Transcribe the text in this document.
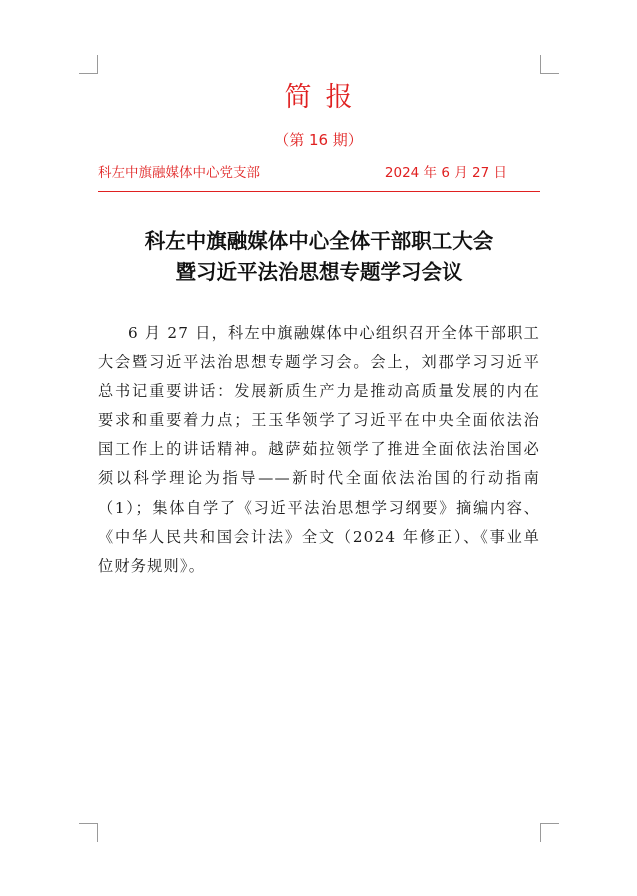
简报
（第 16 期）
科左中旗融媒体中心党支部	2024 年 6 月 27 日
科左中旗融媒体中心全体干部职工大会
暨习近平法治思想专题学习会议

6 月 27 日，科左中旗融媒体中心组织召开全体干部职工大会暨习近平法治思想专题学习会。会上，刘郡学习习近平总书记重要讲话：发展新质生产力是推动高质量发展的内在要求和重要着力点；王玉华领学了习近平在中央全面依法治国工作上的讲话精神。越萨茹拉领学了推进全面依法治国必须以科学理论为指导——新时代全面依法治国的行动指南（1）；集体自学了《习近平法治思想学习纲要》摘编内容、《中华人民共和国会计法》全文（2024 年修正）、《事业单位财务规则》。
